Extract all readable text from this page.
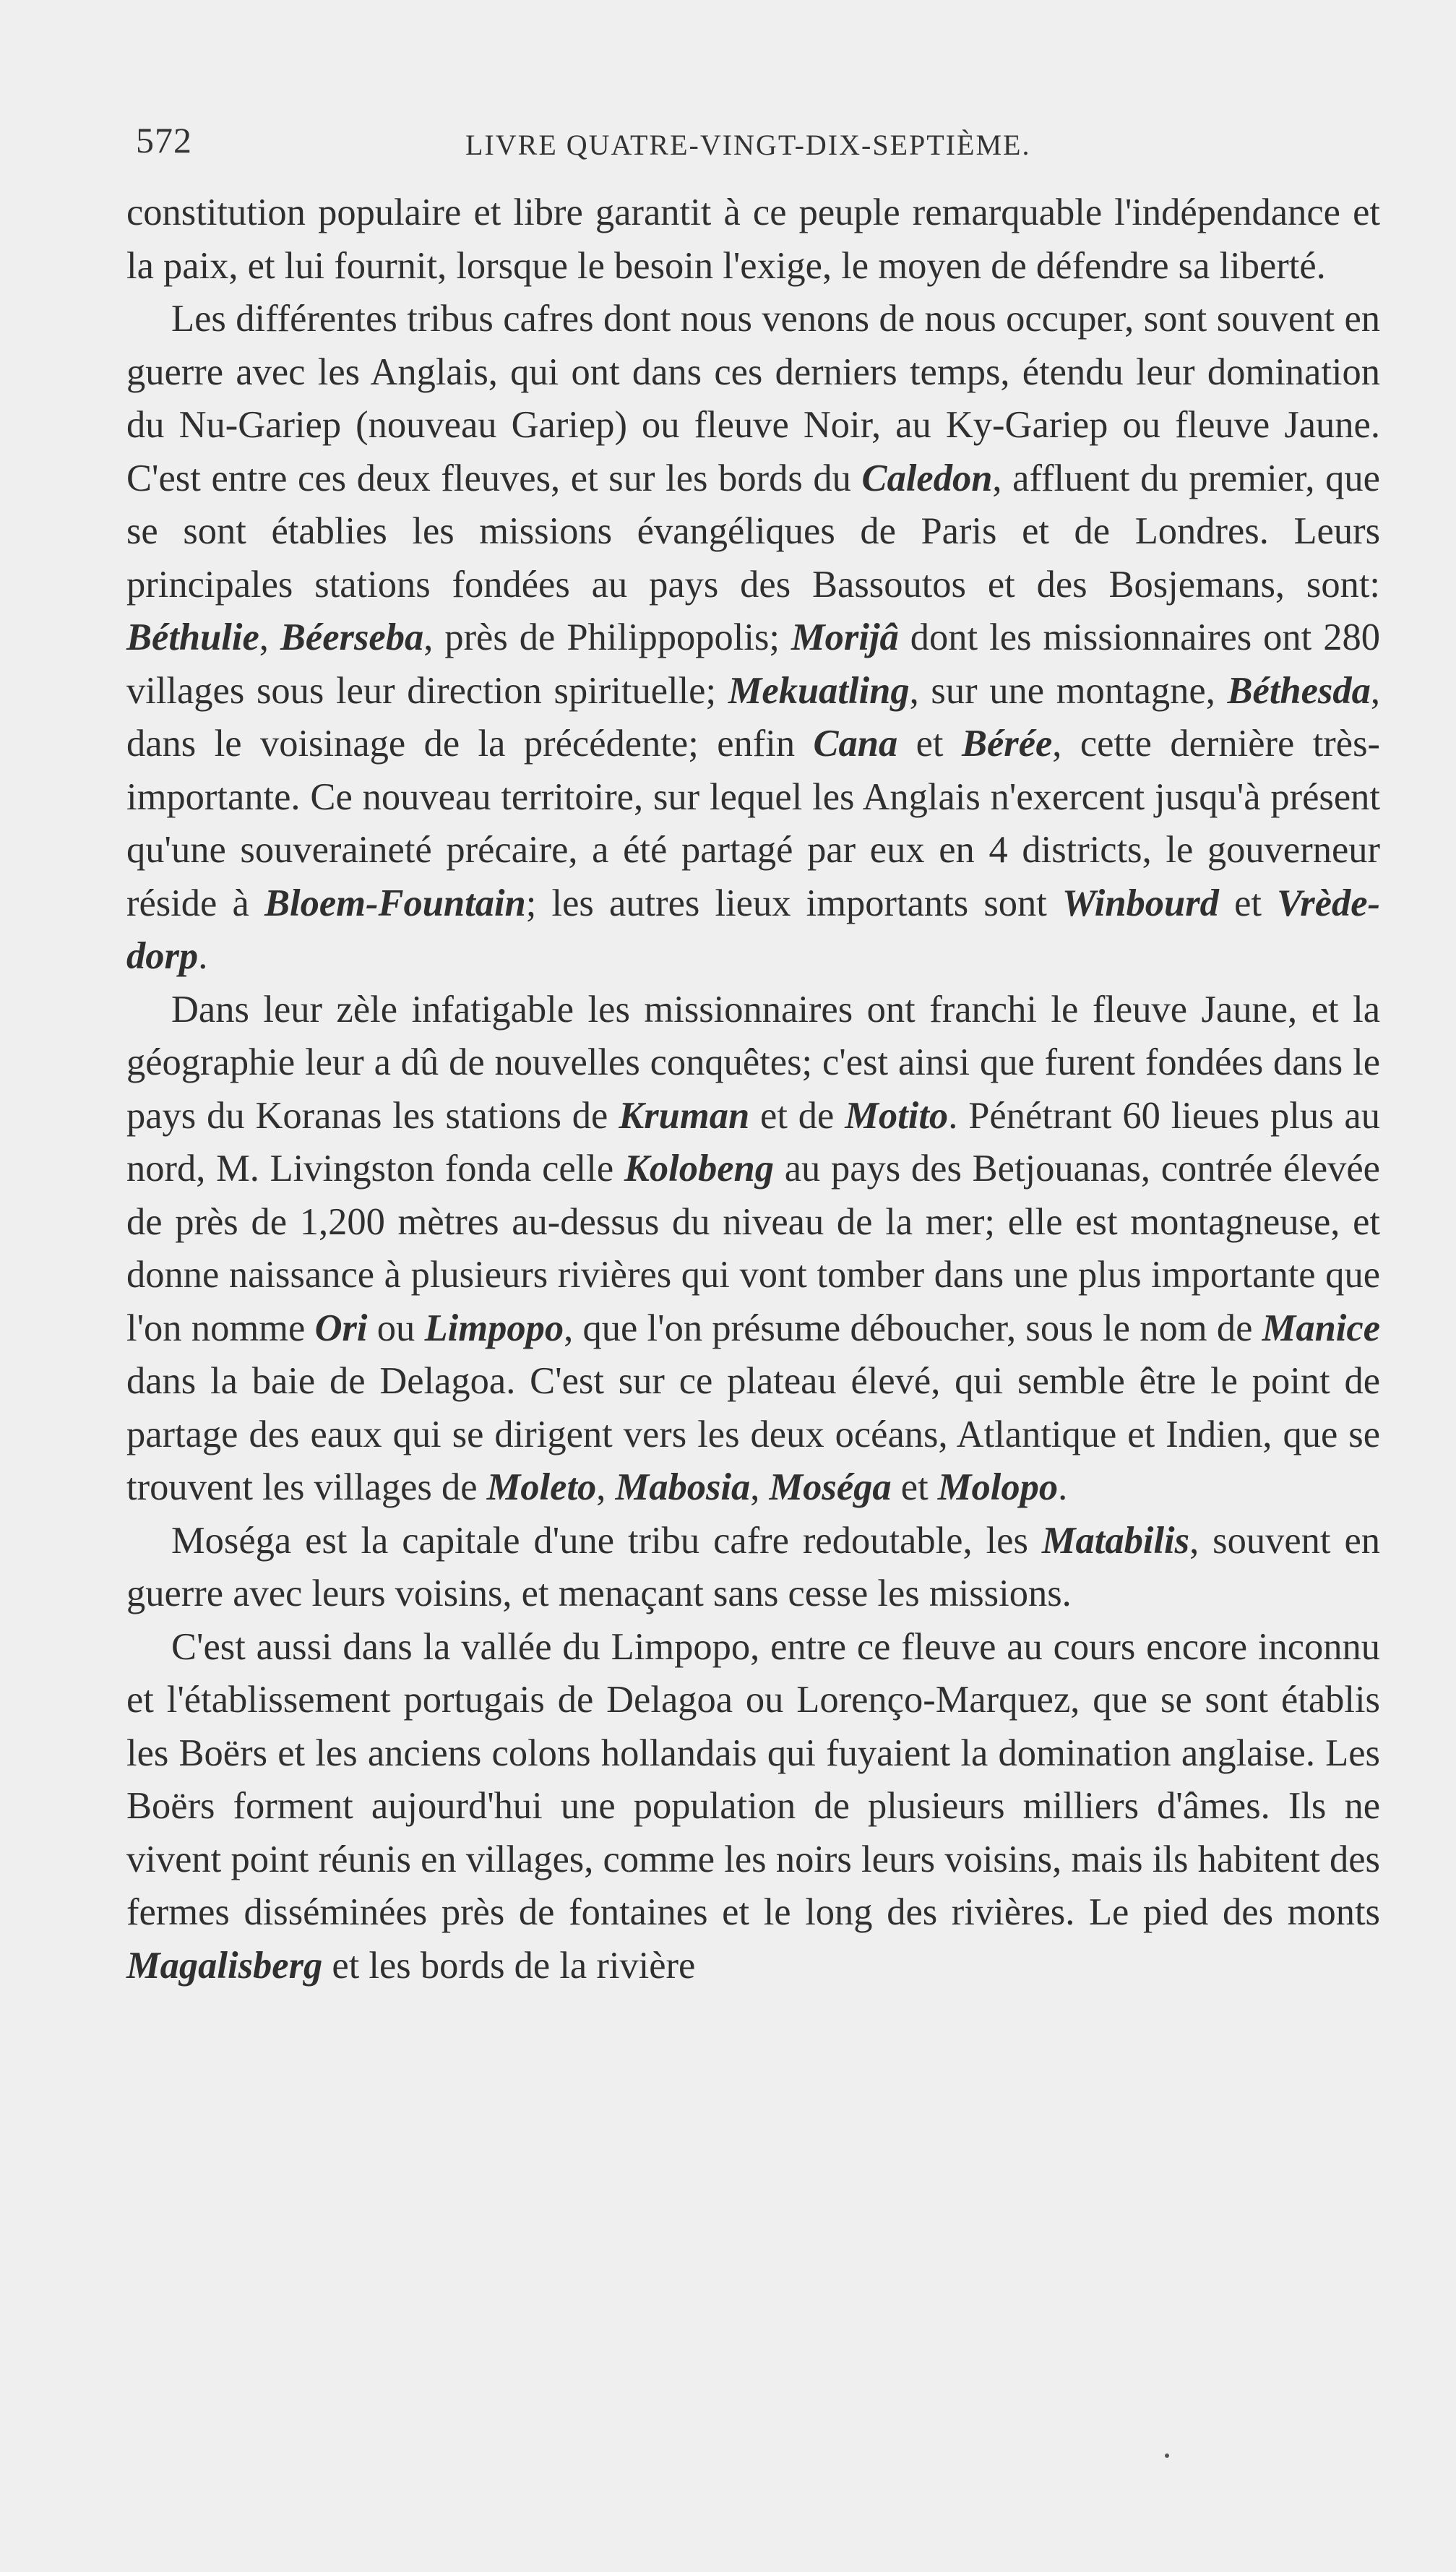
572	LIVRE QUATRE-VINGT-DIX-SEPTIÈME.

constitution populaire et libre garantit à ce peuple remarquable l'indépendance et la paix, et lui fournit, lorsque le besoin l'exige, le moyen de défendre sa liberté.

Les différentes tribus cafres dont nous venons de nous occuper, sont souvent en guerre avec les Anglais, qui ont dans ces derniers temps, étendu leur domination du Nu-Gariep (nouveau Gariep) ou fleuve Noir, au Ky-Gariep ou fleuve Jaune. C'est entre ces deux fleuves, et sur les bords du Caledon, affluent du premier, que se sont établies les missions évangéliques de Paris et de Londres. Leurs principales stations fondées au pays des Bassoutos et des Bosjemans, sont: Béthulie, Béerseba, près de Philippopolis; Morijâ dont les missionnaires ont 280 villages sous leur direction spirituelle; Mekuatling, sur une montagne, Béthesda, dans le voisinage de la précédente; enfin Cana et Bérée, cette dernière très-importante. Ce nouveau territoire, sur lequel les Anglais n'exercent jusqu'à présent qu'une souveraineté précaire, a été partagé par eux en 4 districts, le gouverneur réside à Bloem-Fountain; les autres lieux importants sont Winbourd et Vrède-dorp.

Dans leur zèle infatigable les missionnaires ont franchi le fleuve Jaune, et la géographie leur a dû de nouvelles conquêtes; c'est ainsi que furent fondées dans le pays du Koranas les stations de Kruman et de Motito. Pénétrant 60 lieues plus au nord, M. Livingston fonda celle Kolobeng au pays des Betjouanas, contrée élevée de près de 1,200 mètres au-dessus du niveau de la mer; elle est montagneuse, et donne naissance à plusieurs rivières qui vont tomber dans une plus importante que l'on nomme Ori ou Limpopo, que l'on présume déboucher, sous le nom de Manice dans la baie de Delagoa. C'est sur ce plateau élevé, qui semble être le point de partage des eaux qui se dirigent vers les deux océans, Atlantique et Indien, que se trouvent les villages de Moleto, Mabosia, Moséga et Molopo.

Moséga est la capitale d'une tribu cafre redoutable, les Matabilis, souvent en guerre avec leurs voisins, et menaçant sans cesse les missions.

C'est aussi dans la vallée du Limpopo, entre ce fleuve au cours encore inconnu et l'établissement portugais de Delagoa ou Lorenço-Marquez, que se sont établis les Boërs et les anciens colons hollandais qui fuyaient la domination anglaise. Les Boërs forment aujourd'hui une population de plusieurs milliers d'âmes. Ils ne vivent point réunis en villages, comme les noirs leurs voisins, mais ils habitent des fermes disséminées près de fontaines et le long des rivières. Le pied des monts Magalisberg et les bords de la rivière
